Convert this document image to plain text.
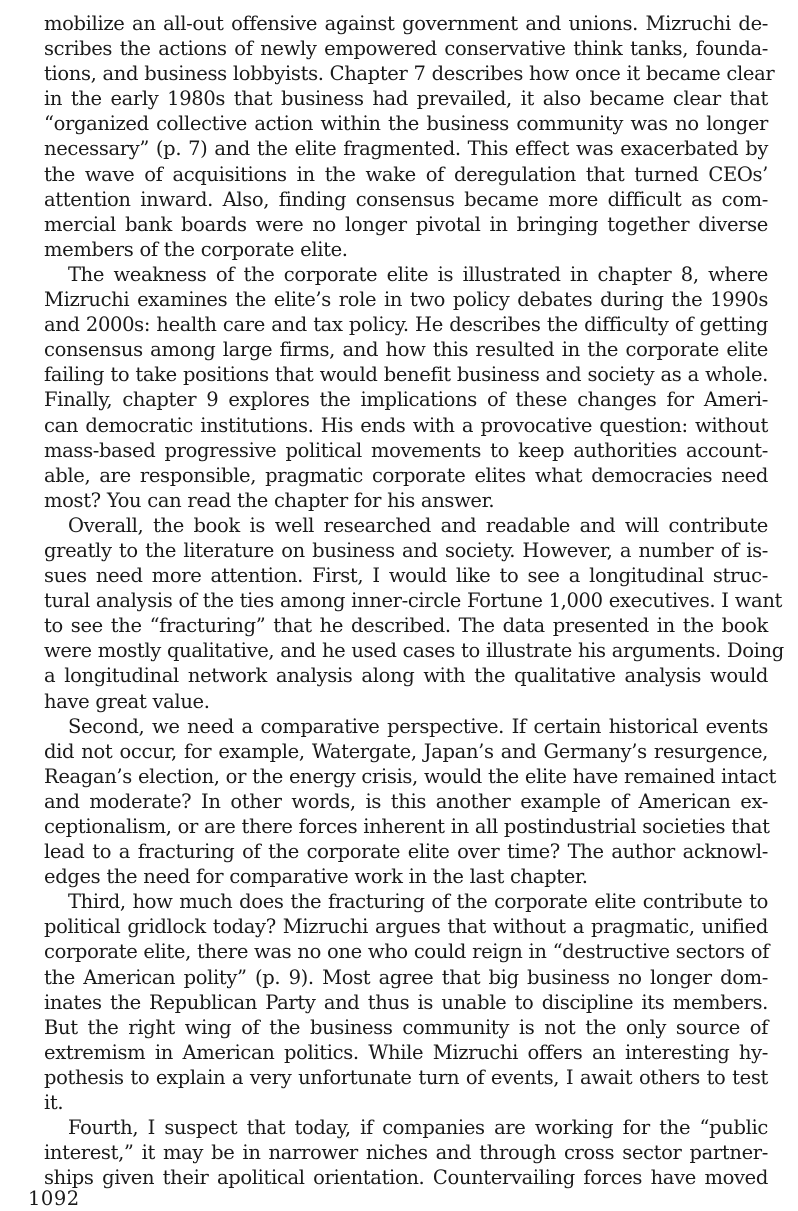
mobilize an all-out offensive against government and unions. Mizruchi de-
scribes the actions of newly empowered conservative think tanks, founda-
tions, and business lobbyists. Chapter 7 describes how once it became clear
in the early 1980s that business had prevailed, it also became clear that
“organized collective action within the business community was no longer
necessary” (p. 7) and the elite fragmented. This effect was exacerbated by
the wave of acquisitions in the wake of deregulation that turned CEOs’
attention inward. Also, finding consensus became more difficult as com-
mercial bank boards were no longer pivotal in bringing together diverse
members of the corporate elite.
The weakness of the corporate elite is illustrated in chapter 8, where
Mizruchi examines the elite’s role in two policy debates during the 1990s
and 2000s: health care and tax policy. He describes the difficulty of getting
consensus among large firms, and how this resulted in the corporate elite
failing to take positions that would benefit business and society as a whole.
Finally, chapter 9 explores the implications of these changes for Ameri-
can democratic institutions. His ends with a provocative question: without
mass-based progressive political movements to keep authorities account-
able, are responsible, pragmatic corporate elites what democracies need
most? You can read the chapter for his answer.
Overall, the book is well researched and readable and will contribute
greatly to the literature on business and society. However, a number of is-
sues need more attention. First, I would like to see a longitudinal struc-
tural analysis of the ties among inner-circle Fortune 1,000 executives. I want
to see the “fracturing” that he described. The data presented in the book
were mostly qualitative, and he used cases to illustrate his arguments. Doing
a longitudinal network analysis along with the qualitative analysis would
have great value.
Second, we need a comparative perspective. If certain historical events
did not occur, for example, Watergate, Japan’s and Germany’s resurgence,
Reagan’s election, or the energy crisis, would the elite have remained intact
and moderate? In other words, is this another example of American ex-
ceptionalism, or are there forces inherent in all postindustrial societies that
lead to a fracturing of the corporate elite over time? The author acknowl-
edges the need for comparative work in the last chapter.
Third, how much does the fracturing of the corporate elite contribute to
political gridlock today? Mizruchi argues that without a pragmatic, unified
corporate elite, there was no one who could reign in “destructive sectors of
the American polity” (p. 9). Most agree that big business no longer dom-
inates the Republican Party and thus is unable to discipline its members.
But the right wing of the business community is not the only source of
extremism in American politics. While Mizruchi offers an interesting hy-
pothesis to explain a very unfortunate turn of events, I await others to test
it.
Fourth, I suspect that today, if companies are working for the “public
interest,” it may be in narrower niches and through cross sector partner-
ships given their apolitical orientation. Countervailing forces have moved
1092
